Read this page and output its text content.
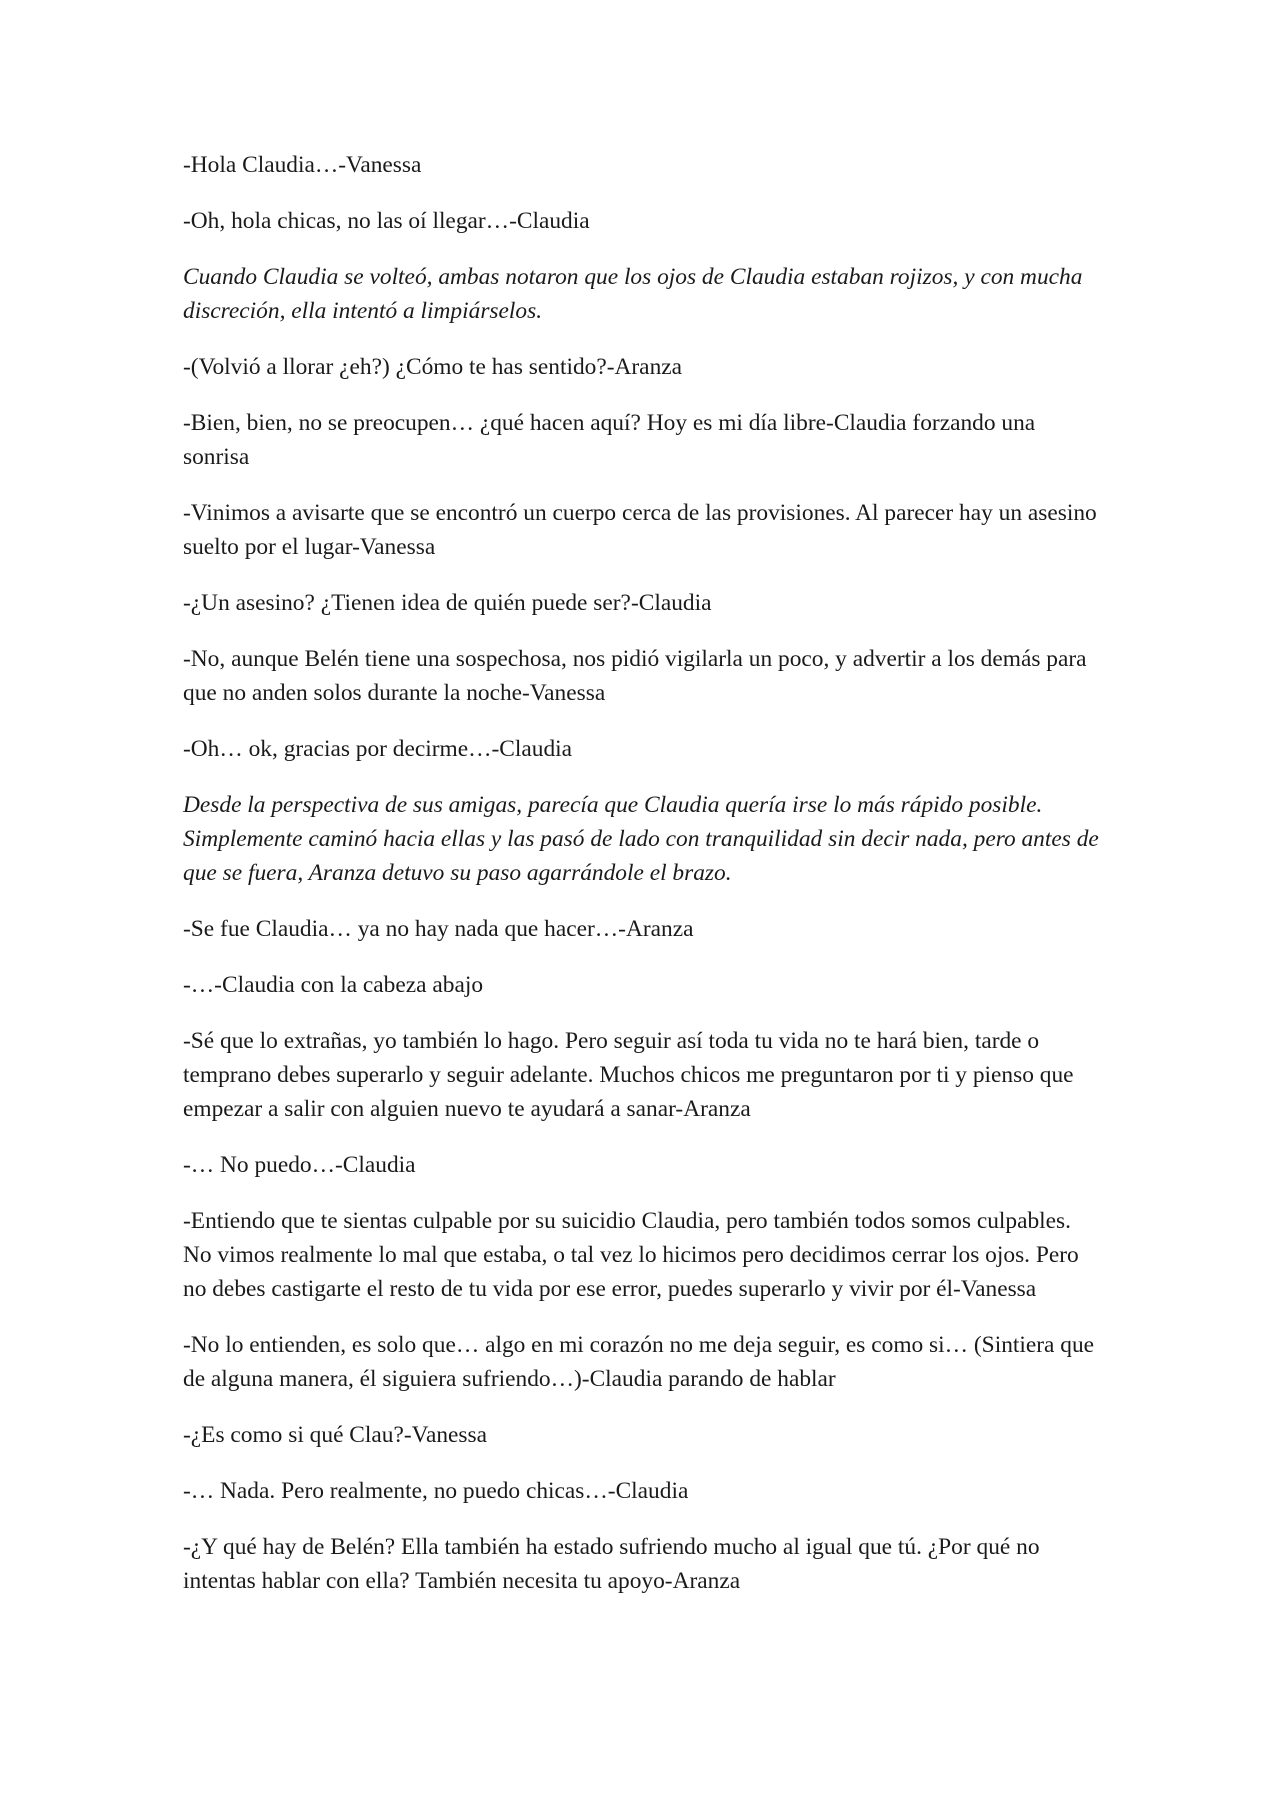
-Hola Claudia…-Vanessa

-Oh, hola chicas, no las oí llegar…-Claudia

Cuando Claudia se volteó, ambas notaron que los ojos de Claudia estaban rojizos, y con mucha discreción, ella intentó a limpiárselos.

-(Volvió a llorar ¿eh?) ¿Cómo te has sentido?-Aranza

-Bien, bien, no se preocupen… ¿qué hacen aquí? Hoy es mi día libre-Claudia forzando una sonrisa

-Vinimos a avisarte que se encontró un cuerpo cerca de las provisiones. Al parecer hay un asesino suelto por el lugar-Vanessa

-¿Un asesino? ¿Tienen idea de quién puede ser?-Claudia

-No, aunque Belén tiene una sospechosa, nos pidió vigilarla un poco, y advertir a los demás para que no anden solos durante la noche-Vanessa

-Oh… ok, gracias por decirme…-Claudia

Desde la perspectiva de sus amigas, parecía que Claudia quería irse lo más rápido posible. Simplemente caminó hacia ellas y las pasó de lado con tranquilidad sin decir nada, pero antes de que se fuera, Aranza detuvo su paso agarrándole el brazo.

-Se fue Claudia… ya no hay nada que hacer…-Aranza

-…-Claudia con la cabeza abajo

-Sé que lo extrañas, yo también lo hago. Pero seguir así toda tu vida no te hará bien, tarde o temprano debes superarlo y seguir adelante. Muchos chicos me preguntaron por ti y pienso que empezar a salir con alguien nuevo te ayudará a sanar-Aranza

-… No puedo…-Claudia

-Entiendo que te sientas culpable por su suicidio Claudia, pero también todos somos culpables. No vimos realmente lo mal que estaba, o tal vez lo hicimos pero decidimos cerrar los ojos. Pero no debes castigarte el resto de tu vida por ese error, puedes superarlo y vivir por él-Vanessa

-No lo entienden, es solo que… algo en mi corazón no me deja seguir, es como si… (Sintiera que de alguna manera, él siguiera sufriendo…)-Claudia parando de hablar

-¿Es como si qué Clau?-Vanessa

-… Nada. Pero realmente, no puedo chicas…-Claudia

-¿Y qué hay de Belén? Ella también ha estado sufriendo mucho al igual que tú. ¿Por qué no intentas hablar con ella? También necesita tu apoyo-Aranza
